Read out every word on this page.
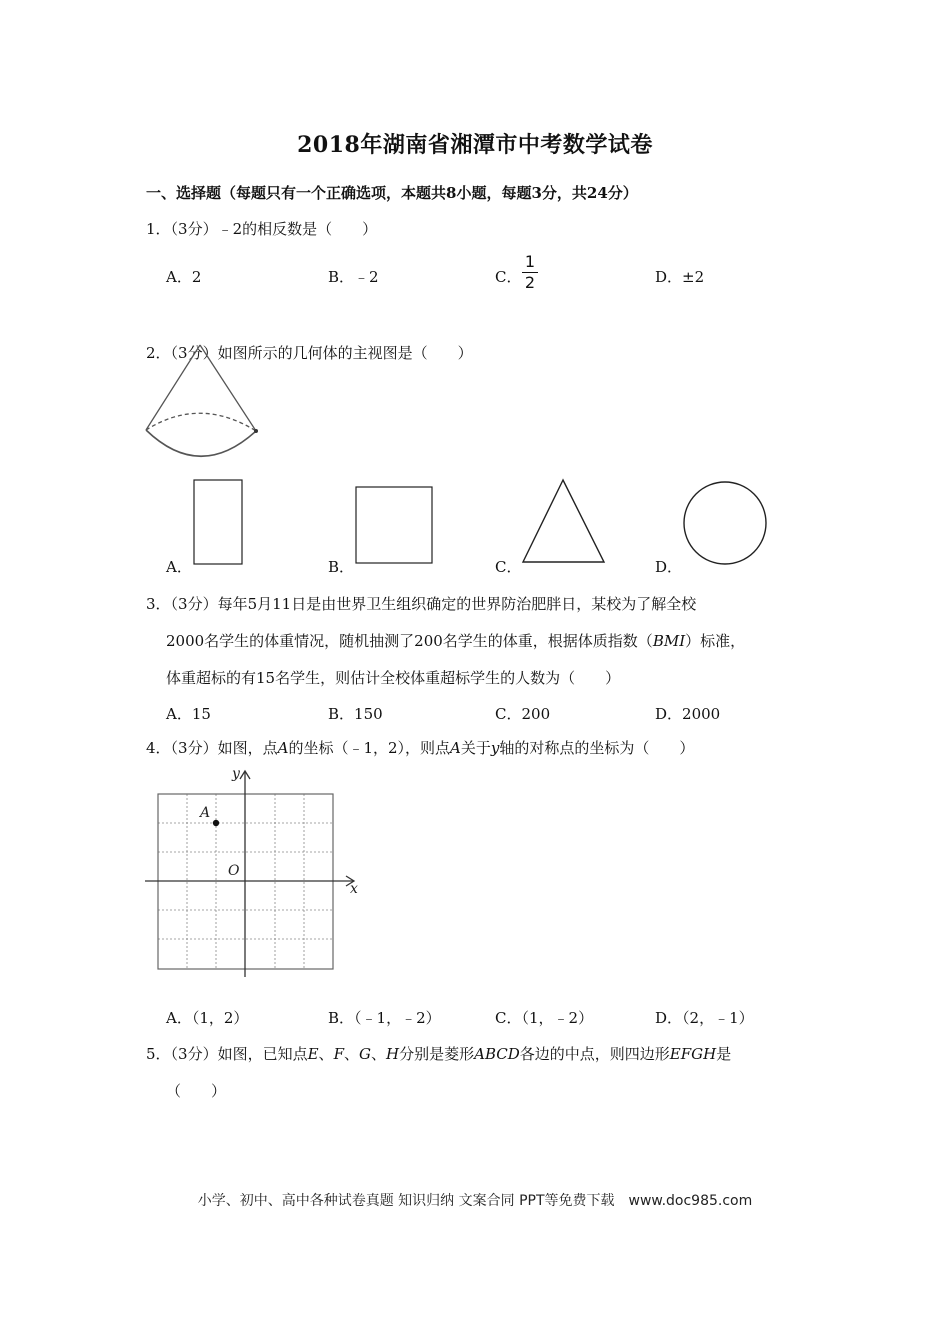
2018年湖南省湘潭市中考数学试卷
一、选择题（每题只有一个正确选项，本题共8小题，每题3分，共24分）
1．（3分）﹣2的相反数是（　　）
A．2	B．﹣2	C．
1
2	D．±2
2．（3分）如图所示的几何体的主视图是（　　）
A．	B．	C．	D．
3．（3分）每年5月11日是由世界卫生组织确定的世界防治肥胖日，某校为了解全校
2000名学生的体重情况，随机抽测了200名学生的体重，根据体质指数（BMI）标准，
体重超标的有15名学生，则估计全校体重超标学生的人数为（　　）
A．15	B．150	C．200	D．2000
4．（3分）如图，点A的坐标（﹣1，2），则点A关于y轴的对称点的坐标为（　　）
x
y
O
A
A．（1，2）	B．（﹣1，﹣2）	C．（1，﹣2）	D．（2，﹣1）
5．（3分）如图，已知点E、F、G、H分别是菱形ABCD各边的中点，则四边形EFGH是
（　　）
小学、初中、高中各种试卷真题 知识归纳 文案合同 PPT等免费下载　www.doc985.com
